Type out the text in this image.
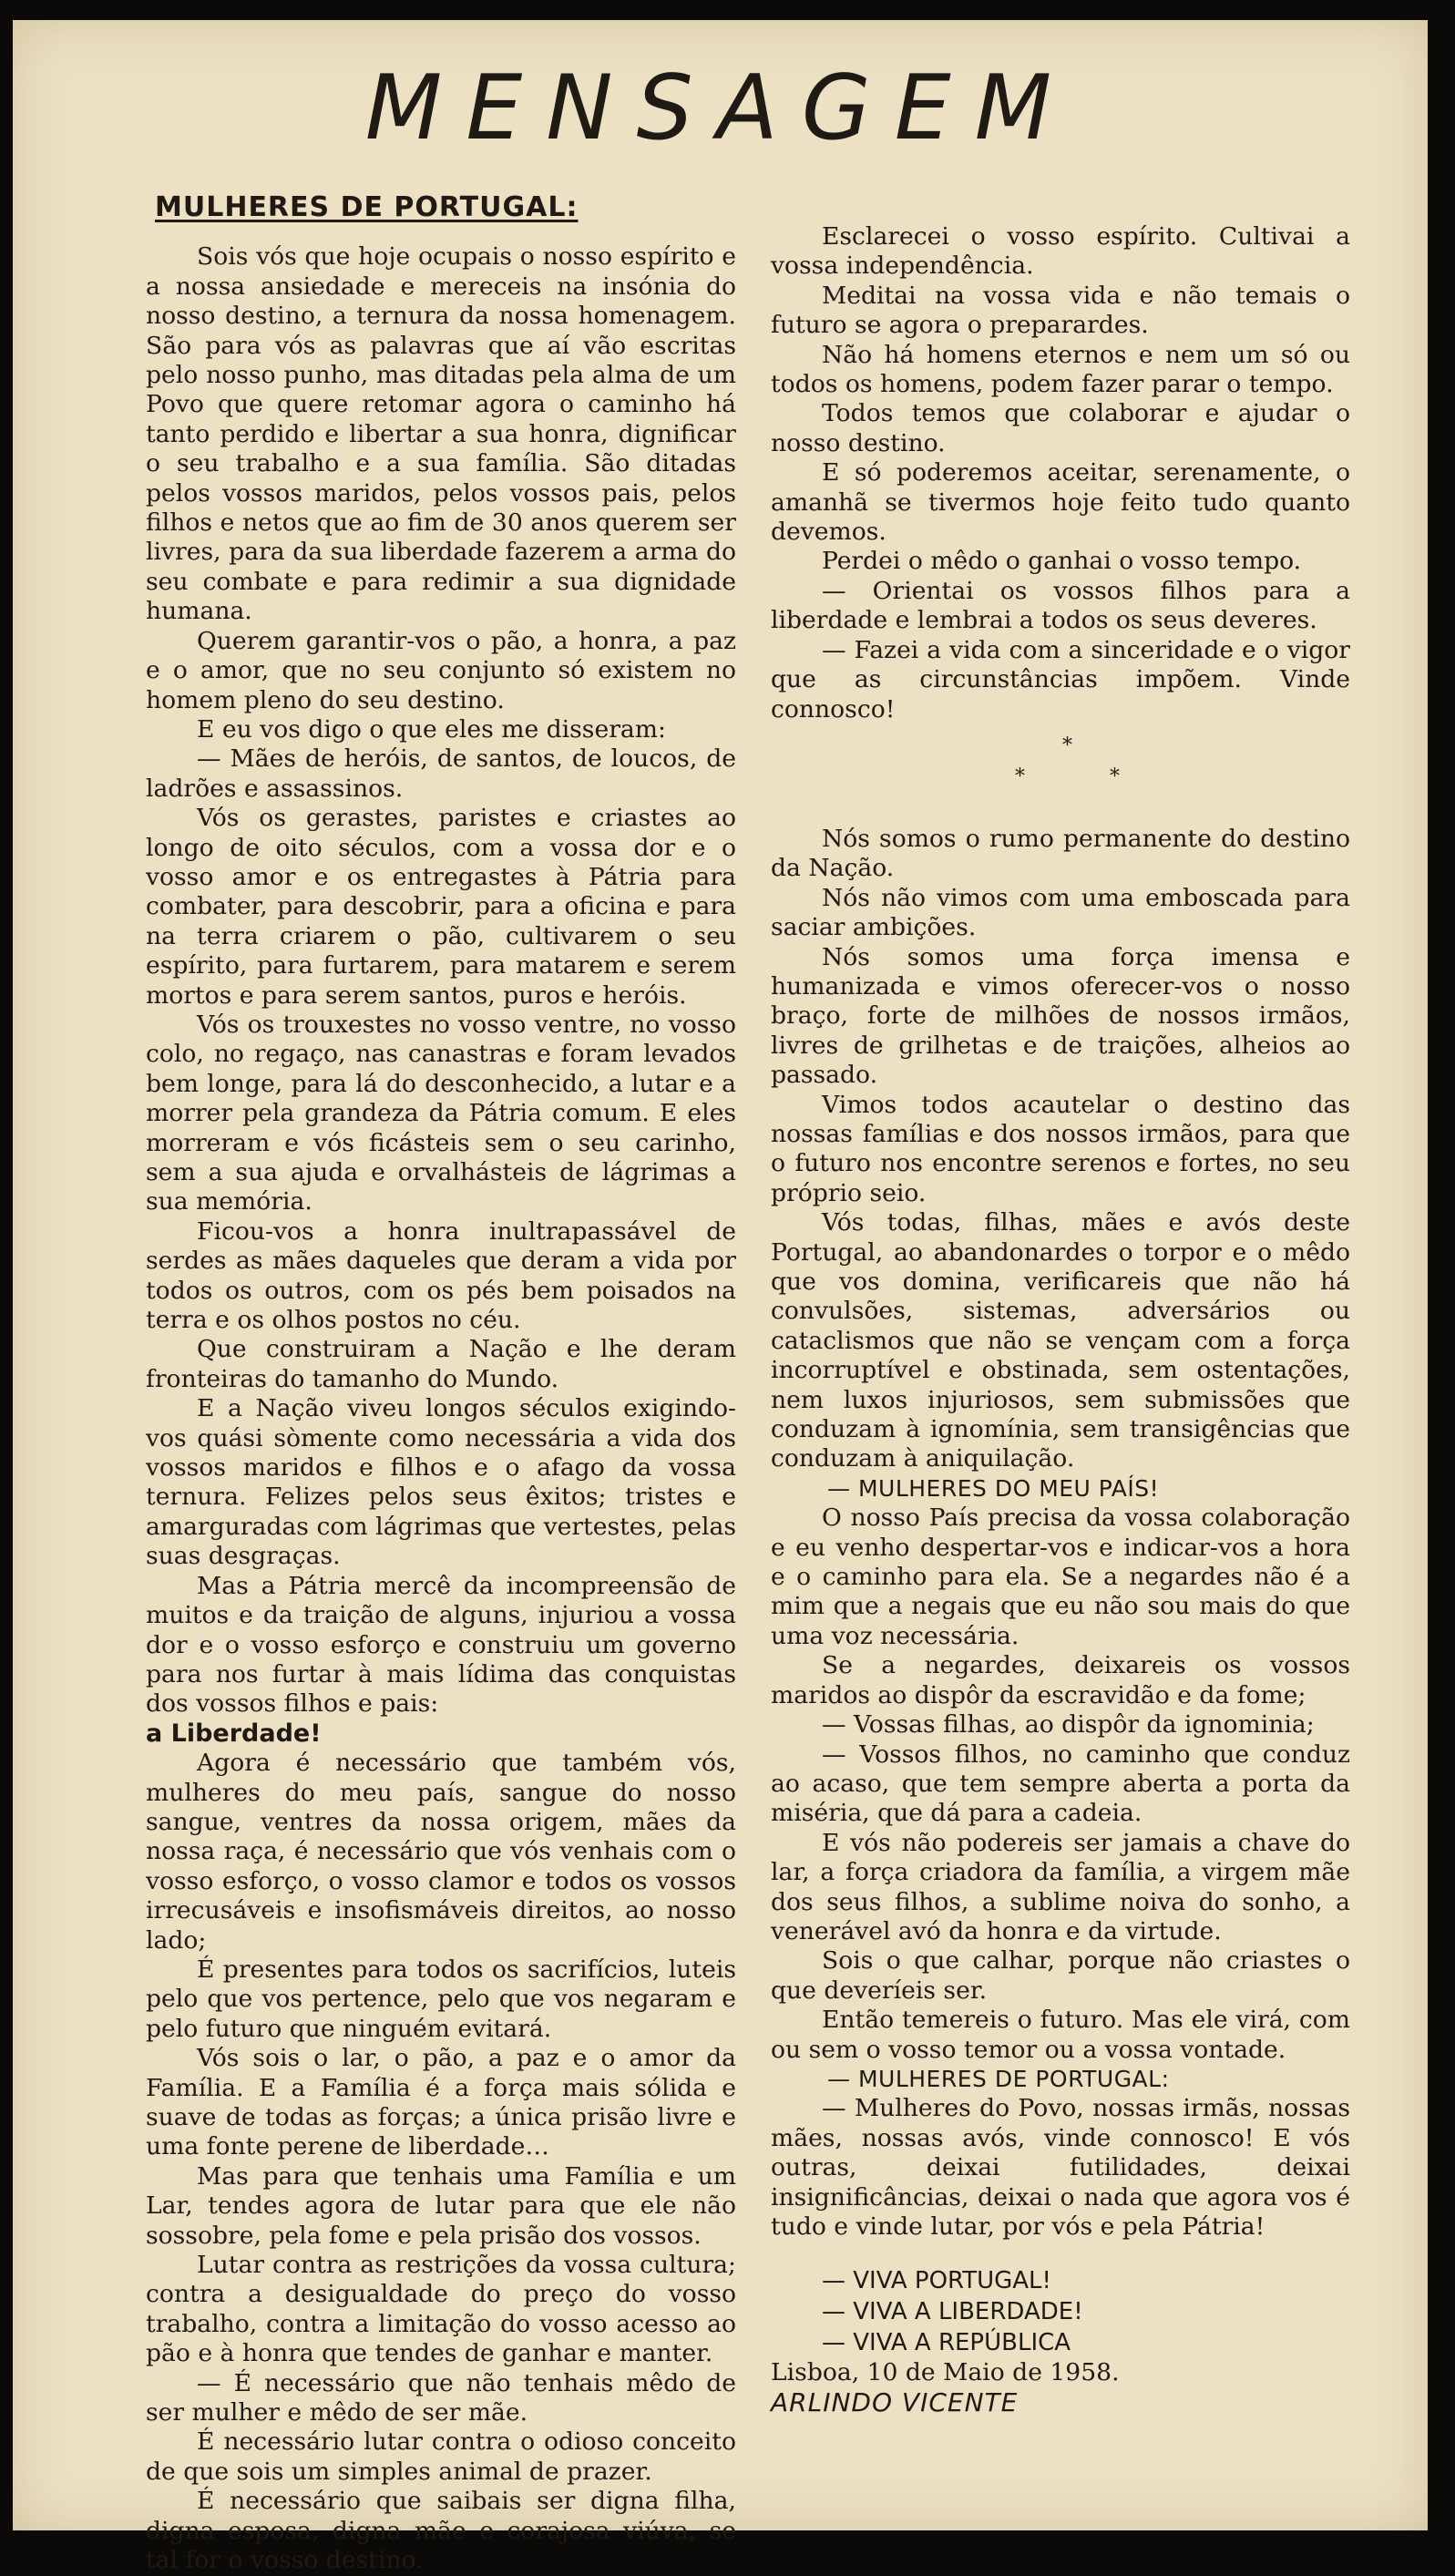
MENSAGEM
MULHERES DE PORTUGAL:

Sois vós que hoje ocupais o nosso espírito e a nossa ansiedade e mereceis na insónia do nosso destino, a ternura da nossa homenagem. São para vós as palavras que aí vão escritas pelo nosso punho, mas ditadas pela alma de um Povo que quere retomar agora o caminho há tanto perdido e libertar a sua honra, dignificar o seu trabalho e a sua família. São ditadas pelos vossos maridos, pelos vossos pais, pelos filhos e netos que ao fim de 30 anos querem ser livres, para da sua liberdade fazerem a arma do seu combate e para redimir a sua dignidade humana.

Querem garantir-vos o pão, a honra, a paz e o amor, que no seu conjunto só existem no homem pleno do seu destino.

E eu vos digo o que eles me disseram:

— Mães de heróis, de santos, de loucos, de ladrões e assassinos.

Vós os gerastes, paristes e criastes ao longo de oito séculos, com a vossa dor e o vosso amor e os entregastes à Pátria para combater, para descobrir, para a oficina e para na terra criarem o pão, cultivarem o seu espírito, para furtarem, para matarem e serem mortos e para serem santos, puros e heróis.

Vós os trouxestes no vosso ventre, no vosso colo, no regaço, nas canastras e foram levados bem longe, para lá do desconhecido, a lutar e a morrer pela grandeza da Pátria comum. E eles morreram e vós ficásteis sem o seu carinho, sem a sua ajuda e orvalhásteis de lágrimas a sua memória.

Ficou-vos a honra inultrapassável de serdes as mães daqueles que deram a vida por todos os outros, com os pés bem poisados na terra e os olhos postos no céu.

Que construiram a Nação e lhe deram fronteiras do tamanho do Mundo.

E a Nação viveu longos séculos exigindo-vos quási sòmente como necessária a vida dos vossos maridos e filhos e o afago da vossa ternura. Felizes pelos seus êxitos; tristes e amarguradas com lágrimas que vertestes, pelas suas desgraças.

Mas a Pátria mercê da incompreensão de muitos e da traição de alguns, injuriou a vossa dor e o vosso esforço e construiu um governo para nos furtar à mais lídima das conquistas dos vossos filhos e pais:

a Liberdade!

Agora é necessário que também vós, mulheres do meu país, sangue do nosso sangue, ventres da nossa origem, mães da nossa raça, é necessário que vós venhais com o vosso esforço, o vosso clamor e todos os vossos irrecusáveis e insofismáveis direitos, ao nosso lado;

É presentes para todos os sacrifícios, luteis pelo que vos pertence, pelo que vos negaram e pelo futuro que ninguém evitará.

Vós sois o lar, o pão, a paz e o amor da Família. E a Família é a força mais sólida e suave de todas as forças; a única prisão livre e uma fonte perene de liberdade…

Mas para que tenhais uma Família e um Lar, tendes agora de lutar para que ele não sossobre, pela fome e pela prisão dos vossos.

Lutar contra as restrições da vossa cultura; contra a desigualdade do preço do vosso trabalho, contra a limitação do vosso acesso ao pão e à honra que tendes de ganhar e manter.

— É necessário que não tenhais mêdo de ser mulher e mêdo de ser mãe.

É necessário lutar contra o odioso conceito de que sois um simples animal de prazer.

É necessário que saibais ser digna filha, digna esposa, digna mãe e corajosa viúva, se tal for o vosso destino.

Esclarecei o vosso espírito. Cultivai a vossa independência.

Meditai na vossa vida e não temais o futuro se agora o preparardes.

Não há homens eternos e nem um só ou todos os homens, podem fazer parar o tempo.

Todos temos que colaborar e ajudar o nosso destino.

E só poderemos aceitar, serenamente, o amanhã se tivermos hoje feito tudo quanto devemos.

Perdei o mêdo o ganhai o vosso tempo.

— Orientai os vossos filhos para a liberdade e lembrai a todos os seus deveres.

— Fazei a vida com a sinceridade e o vigor que as circunstâncias impõem. Vinde connosco!

*
*	*

Nós somos o rumo permanente do destino da Nação.

Nós não vimos com uma emboscada para saciar ambições.

Nós somos uma força imensa e humanizada e vimos oferecer-vos o nosso braço, forte de milhões de nossos irmãos, livres de grilhetas e de traições, alheios ao passado.

Vimos todos acautelar o destino das nossas famílias e dos nossos irmãos, para que o futuro nos encontre serenos e fortes, no seu próprio seio.

Vós todas, filhas, mães e avós deste Portugal, ao abandonardes o torpor e o mêdo que vos domina, verificareis que não há convulsões, sistemas, adversários ou cataclismos que não se vençam com a força incorruptível e obstinada, sem ostentações, nem luxos injuriosos, sem submissões que conduzam à ignomínia, sem transigências que conduzam à aniquilação.

— MULHERES DO MEU PAÍS!

O nosso País precisa da vossa colaboração e eu venho despertar-vos e indicar-vos a hora e o caminho para ela. Se a negardes não é a mim que a negais que eu não sou mais do que uma voz necessária.

Se a negardes, deixareis os vossos maridos ao dispôr da escravidão e da fome;

— Vossas filhas, ao dispôr da ignominia;

— Vossos filhos, no caminho que conduz ao acaso, que tem sempre aberta a porta da miséria, que dá para a cadeia.

E vós não podereis ser jamais a chave do lar, a força criadora da família, a virgem mãe dos seus filhos, a sublime noiva do sonho, a venerável avó da honra e da virtude.

Sois o que calhar, porque não criastes o que deveríeis ser.

Então temereis o futuro. Mas ele virá, com ou sem o vosso temor ou a vossa vontade.

— MULHERES DE PORTUGAL:

— Mulheres do Povo, nossas irmãs, nossas mães, nossas avós, vinde connosco! E vós outras, deixai futilidades, deixai insignificâncias, deixai o nada que agora vos é tudo e vinde lutar, por vós e pela Pátria!

— VIVA PORTUGAL!
— VIVA A LIBERDADE!
— VIVA A REPÚBLICA

Lisboa, 10 de Maio de 1958.

ARLINDO VICENTE
